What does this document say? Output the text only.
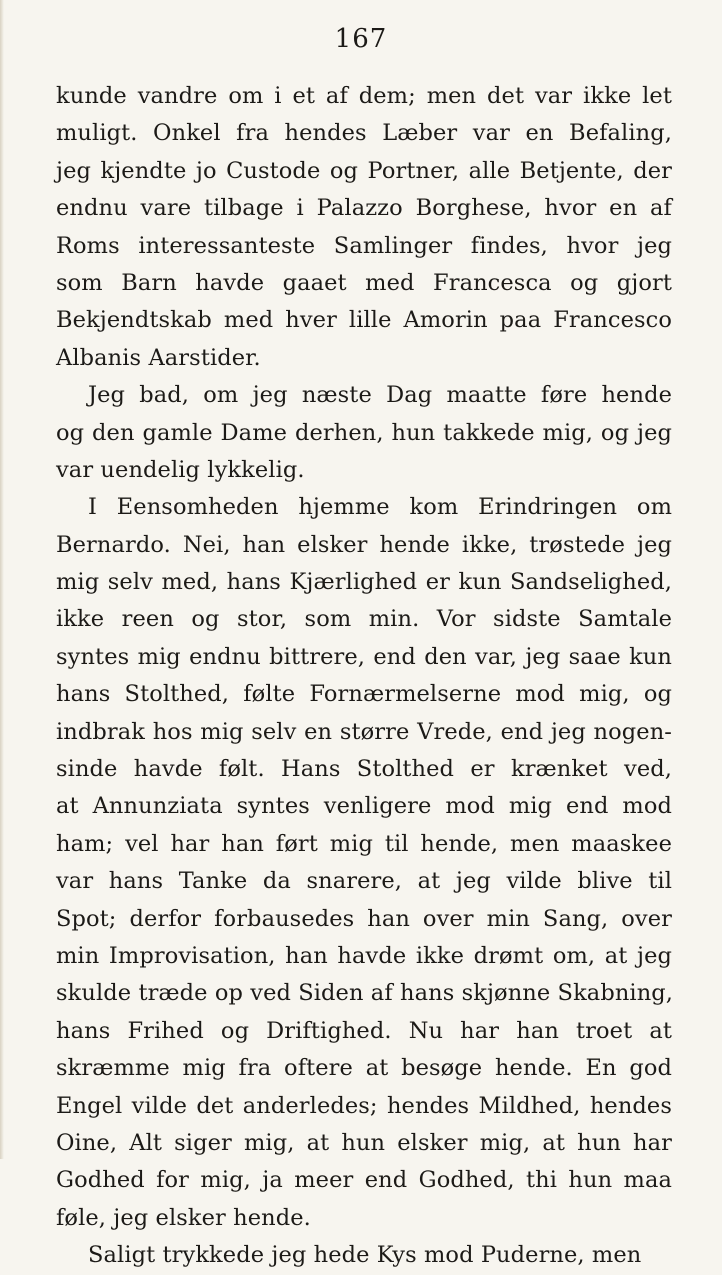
167
kunde vandre om i et af dem; men det var ikke let
muligt. Onkel fra hendes Læber var en Befaling,
jeg kjendte jo Custode og Portner, alle Betjente, der
endnu vare tilbage i Palazzo Borghese, hvor en af
Roms interessanteste Samlinger findes, hvor jeg
som Barn havde gaaet med Francesca og gjort
Bekjendtskab med hver lille Amorin paa Francesco
Albanis Aarstider.
Jeg bad, om jeg næste Dag maatte føre hende
og den gamle Dame derhen, hun takkede mig, og jeg
var uendelig lykkelig.
I Eensomheden hjemme kom Erindringen om
Bernardo. Nei, han elsker hende ikke, trøstede jeg
mig selv med, hans Kjærlighed er kun Sandselighed,
ikke reen og stor, som min. Vor sidste Samtale
syntes mig endnu bittrere, end den var, jeg saae kun
hans Stolthed, følte Fornærmelserne mod mig, og
indbrak hos mig selv en større Vrede, end jeg nogen-
sinde havde følt. Hans Stolthed er krænket ved,
at Annunziata syntes venligere mod mig end mod
ham; vel har han ført mig til hende, men maaskee
var hans Tanke da snarere, at jeg vilde blive til
Spot; derfor forbausedes han over min Sang, over
min Improvisation, han havde ikke drømt om, at jeg
skulde træde op ved Siden af hans skjønne Skabning,
hans Frihed og Driftighed. Nu har han troet at
skræmme mig fra oftere at besøge hende. En god
Engel vilde det anderledes; hendes Mildhed, hendes
Oine, Alt siger mig, at hun elsker mig, at hun har
Godhed for mig, ja meer end Godhed, thi hun maa
føle, jeg elsker hende.
Saligt trykkede jeg hede Kys mod Puderne, men
